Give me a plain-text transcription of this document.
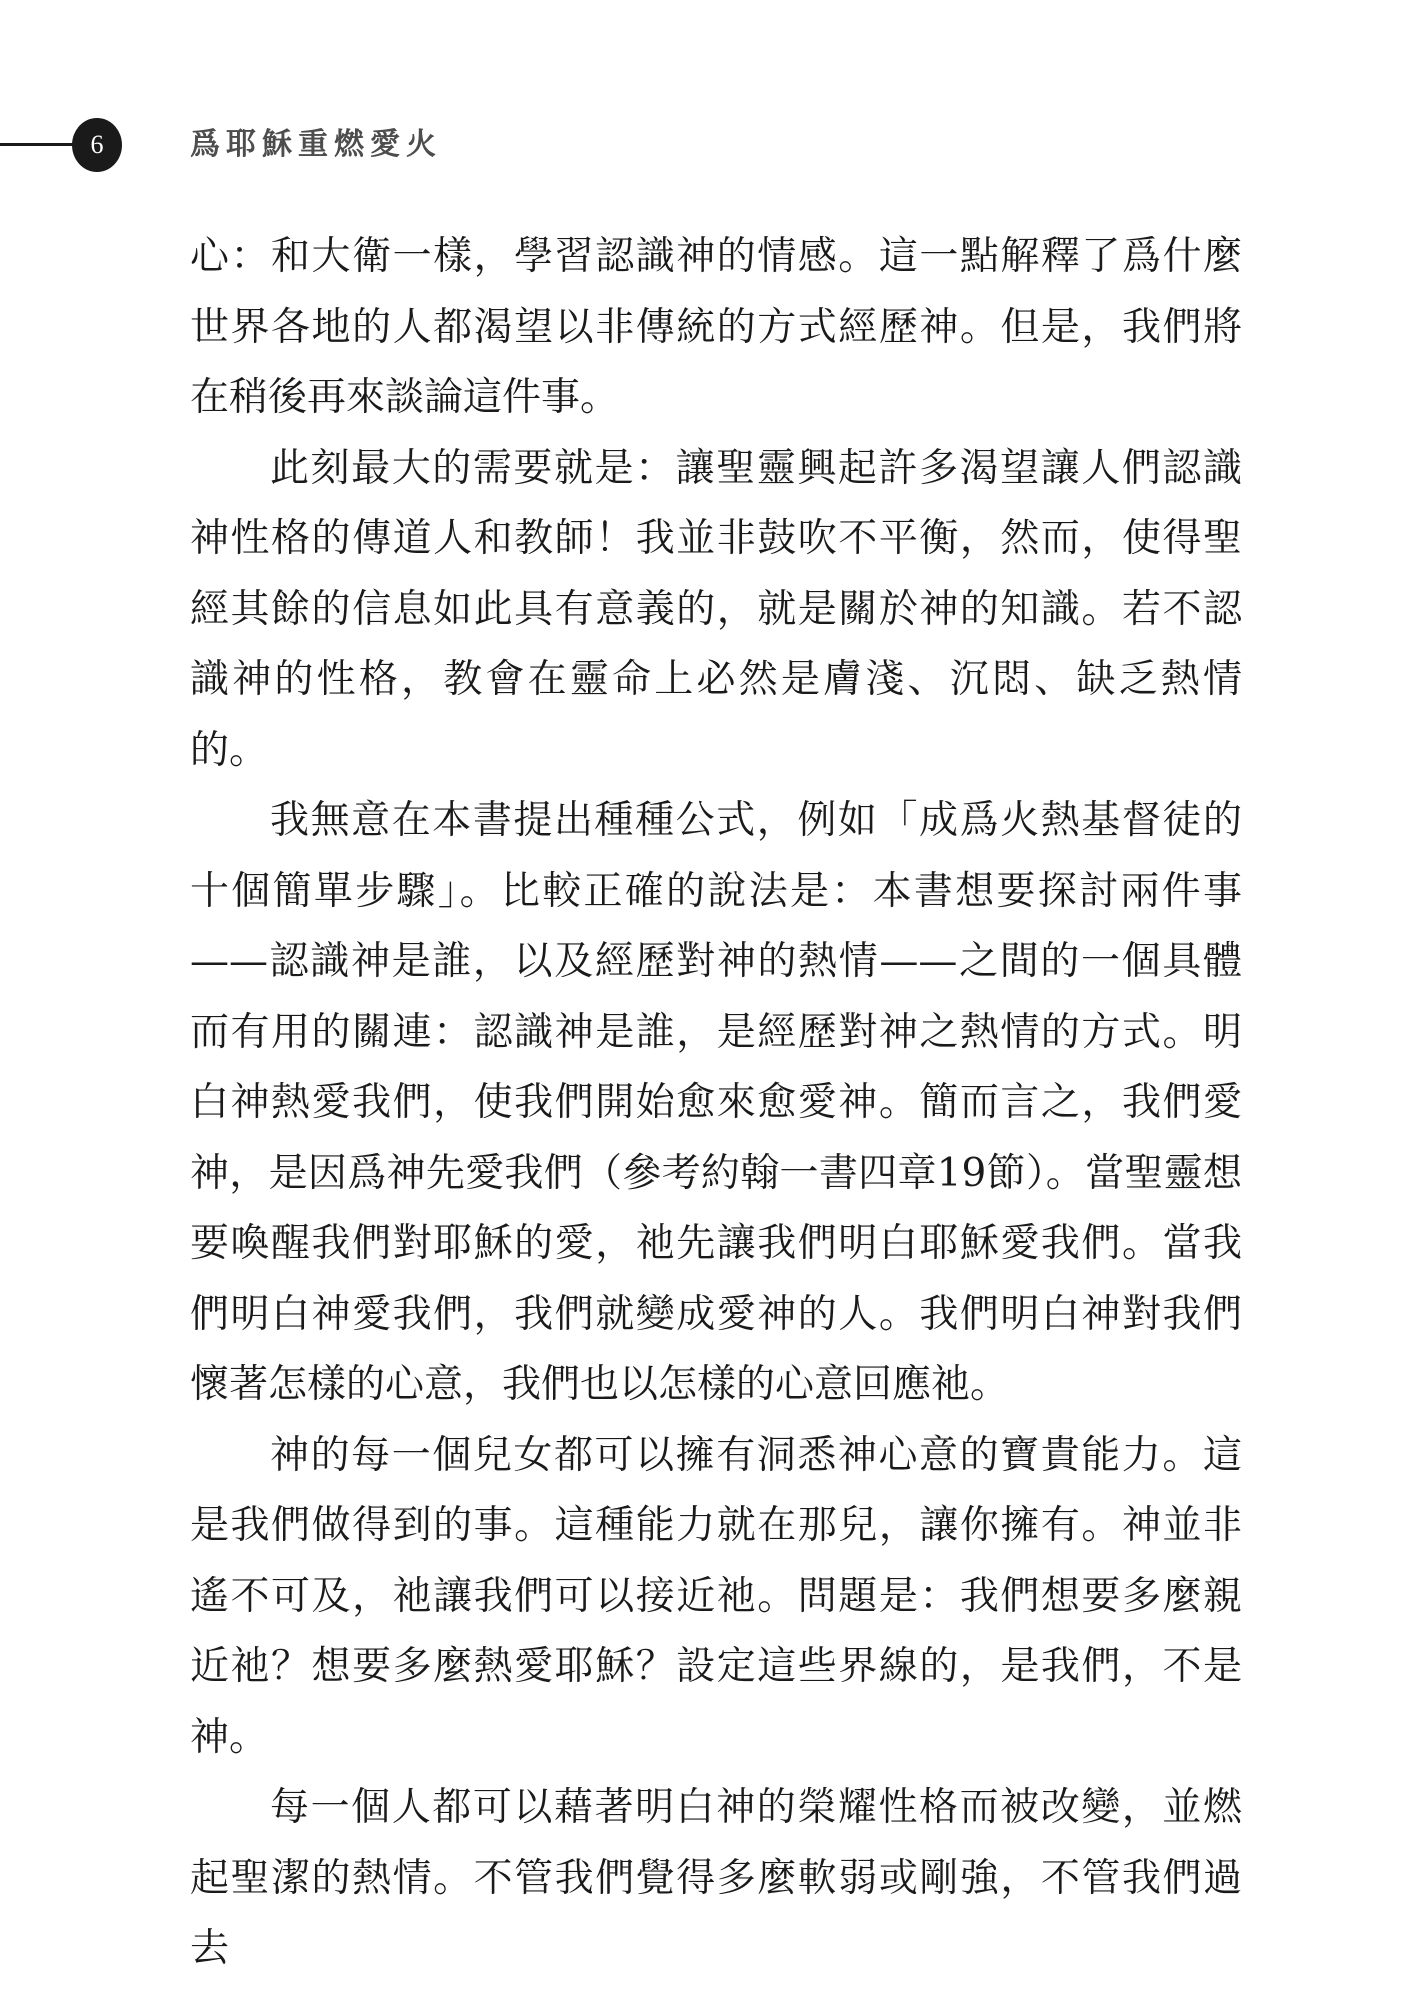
6	爲耶穌重燃愛火

心：和大衛一樣，學習認識神的情感。這一點解釋了爲什麼世界各地的人都渴望以非傳統的方式經歷神。但是，我們將在稍後再來談論這件事。

此刻最大的需要就是：讓聖靈興起許多渴望讓人們認識神性格的傳道人和教師！我並非鼓吹不平衡，然而，使得聖經其餘的信息如此具有意義的，就是關於神的知識。若不認識神的性格，教會在靈命上必然是膚淺、沉悶、缺乏熱情的。

我無意在本書提出種種公式，例如「成爲火熱基督徒的十個簡單步驟」。比較正確的說法是：本書想要探討兩件事——認識神是誰，以及經歷對神的熱情——之間的一個具體而有用的關連：認識神是誰，是經歷對神之熱情的方式。明白神熱愛我們，使我們開始愈來愈愛神。簡而言之，我們愛神，是因爲神先愛我們（參考約翰一書四章19節）。當聖靈想要喚醒我們對耶穌的愛，祂先讓我們明白耶穌愛我們。當我們明白神愛我們，我們就變成愛神的人。我們明白神對我們懷著怎樣的心意，我們也以怎樣的心意回應祂。

神的每一個兒女都可以擁有洞悉神心意的寶貴能力。這是我們做得到的事。這種能力就在那兒，讓你擁有。神並非遙不可及，祂讓我們可以接近祂。問題是：我們想要多麼親近祂？想要多麼熱愛耶穌？設定這些界線的，是我們，不是神。

每一個人都可以藉著明白神的榮耀性格而被改變，並燃起聖潔的熱情。不管我們覺得多麼軟弱或剛強，不管我們過去
